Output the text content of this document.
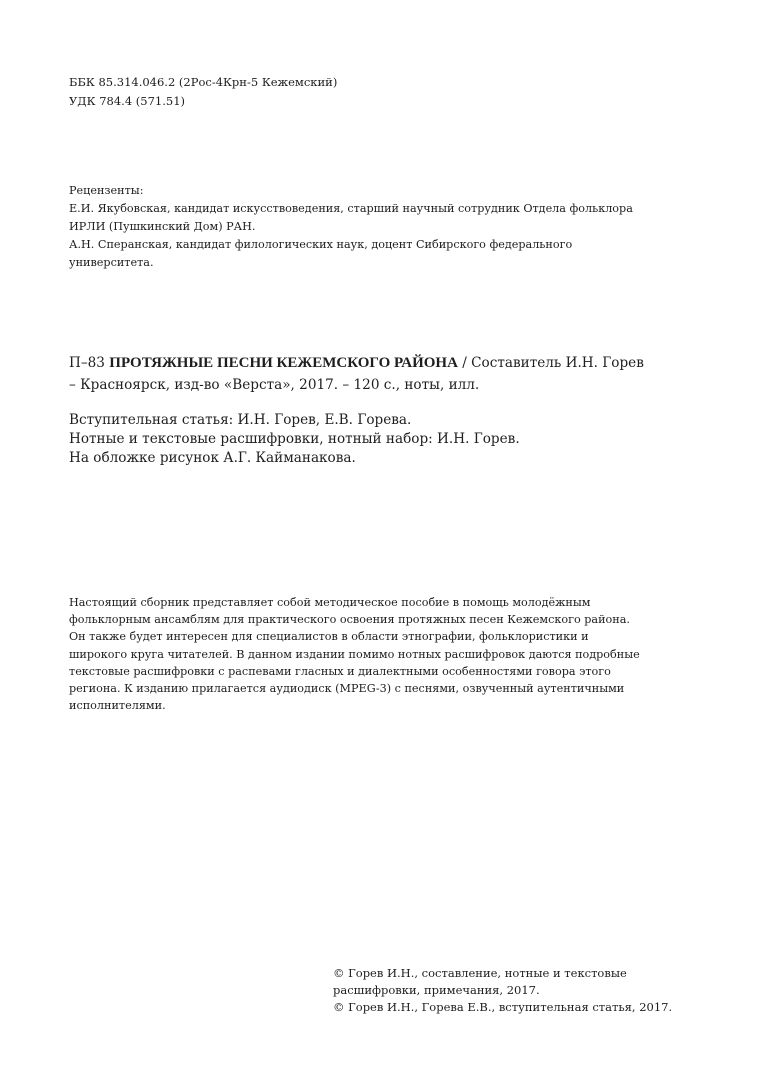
ББК 85.314.046.2 (2Рос-4Крн-5 Кежемский)
УДК 784.4 (571.51)
Рецензенты:
Е.И. Якубовская, кандидат искусствоведения, старший научный сотрудник Отдела фольклора
ИРЛИ (Пушкинский Дом) РАН.
А.Н. Сперанская, кандидат филологических наук, доцент Сибирского федерального
университета.
П–83 ПРОТЯЖНЫЕ ПЕСНИ КЕЖЕМСКОГО РАЙОНА / Составитель И.Н. Горев
– Красноярск, изд-во «Верста», 2017. – 120 с., ноты, илл.
Вступительная статья: И.Н. Горев, Е.В. Горева.
Нотные и текстовые расшифровки, нотный набор: И.Н. Горев.
На обложке рисунок А.Г. Кайманакова.
Настоящий сборник представляет собой методическое пособие в помощь молодёжным
фольклорным ансамблям для практического освоения протяжных песен Кежемского района.
Он также будет интересен для специалистов в области этнографии, фольклористики и
широкого круга читателей. В данном издании помимо нотных расшифровок даются подробные
текстовые расшифровки с распевами гласных и диалектными особенностями говора этого
региона. К изданию прилагается аудиодиск (MPEG-3) с песнями, озвученный аутентичными
исполнителями.
© Горев И.Н., составление, нотные и текстовые
расшифровки, примечания, 2017.
© Горев И.Н., Горева Е.В., вступительная статья, 2017.
